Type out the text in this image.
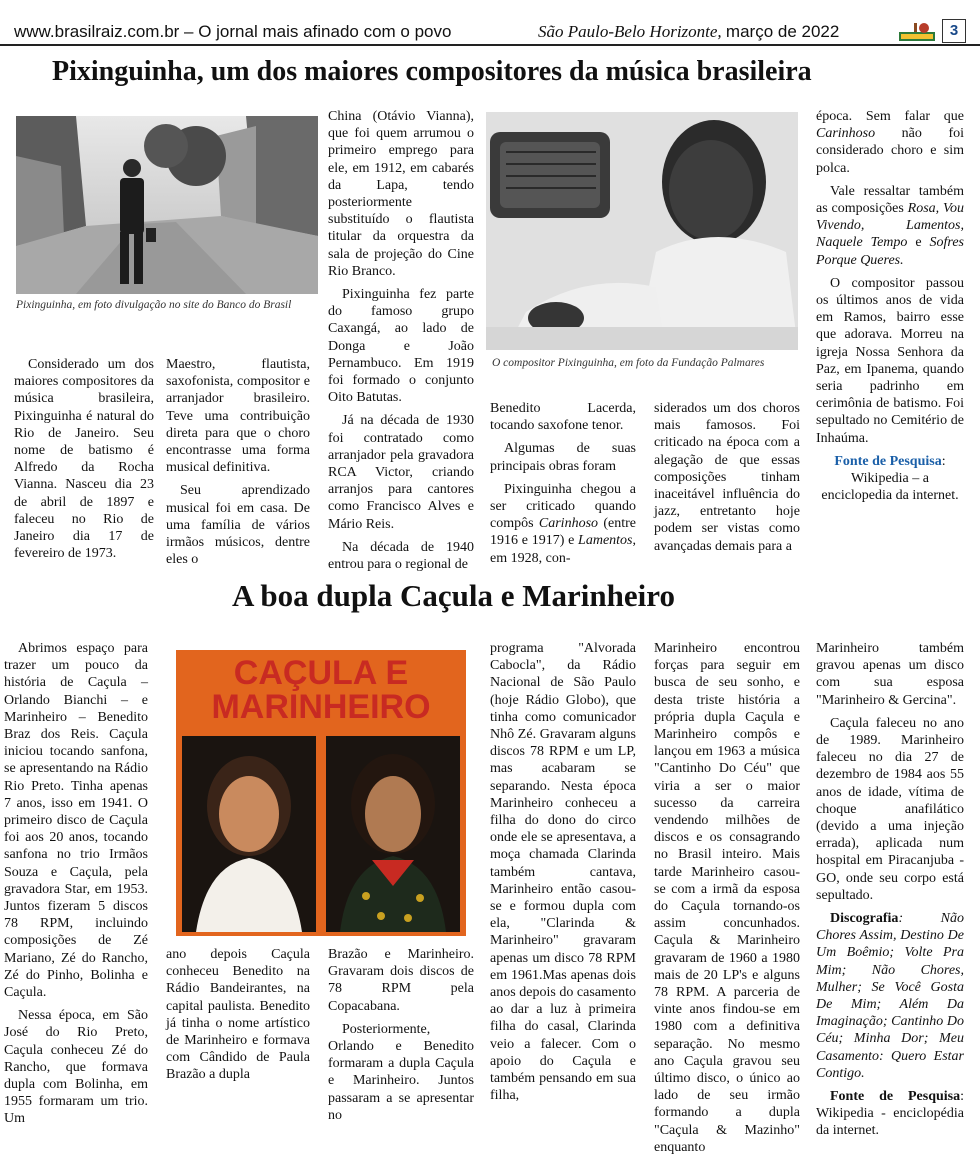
www.brasilraiz.com.br – O jornal mais afinado com o povo	São Paulo-Belo Horizonte, março de 2022	3
Pixinguinha, um dos maiores compositores da música brasileira
Pixinguinha, em foto divulgação no site do Banco do Brasil
O compositor Pixinguinha, em foto da Fundação Palmares

Considerado um dos maiores compositores da música brasileira, Pixinguinha é natural do Rio de Janeiro. Seu nome de batismo é Alfredo da Rocha Vianna. Nasceu dia 23 de abril de 1897 e faleceu no Rio de Janeiro dia 17 de fevereiro de 1973.

Maestro, flautista, saxofonista, compositor e arranjador brasileiro. Teve uma contribuição direta para que o choro encontrasse uma forma musical definitiva.

Seu aprendizado musical foi em casa. De uma família de vários irmãos músicos, dentre eles o

China (Otávio Vianna), que foi quem arrumou o primeiro emprego para ele, em 1912, em cabarés da Lapa, tendo posteriormente substituído o flautista titular da orquestra da sala de projeção do Cine Rio Branco.

Pixinguinha fez parte do famoso grupo Caxangá, ao lado de Donga e João Pernambuco. Em 1919 foi formado o conjunto Oito Batutas.

Já na década de 1930 foi contratado como arranjador pela gravadora RCA Victor, criando arranjos para cantores como Francisco Alves e Mário Reis.

Na década de 1940 entrou para o regional de

Benedito Lacerda, tocando saxofone tenor.

Algumas de suas principais obras foram

Pixinguinha chegou a ser criticado quando compôs Carinhoso (entre 1916 e 1917) e Lamentos, em 1928, con-

siderados um dos choros mais famosos. Foi criticado na época com a alegação de que essas composições tinham inaceitável influência do jazz, entretanto hoje podem ser vistas como avançadas demais para a

época. Sem falar que Carinhoso não foi considerado choro e sim polca.

Vale ressaltar também as composições Rosa, Vou Vivendo, Lamentos, Naquele Tempo e Sofres Porque Queres.

O compositor passou os últimos anos de vida em Ramos, bairro esse que adorava. Morreu na igreja Nossa Senhora da Paz, em Ipanema, quando seria padrinho em cerimônia de batismo. Foi sepultado no Cemitério de Inhaúma.

Fonte de Pesquisa: Wikipedia – a enciclopedia da internet.

A boa dupla Caçula e Marinheiro
CAÇULA E
MARINHEIRO

Abrimos espaço para trazer um pouco da história de Caçula – Orlando Bianchi – e Marinheiro – Benedito Braz dos Reis. Caçula iniciou tocando sanfona, se apresentando na Rádio Rio Preto. Tinha apenas 7 anos, isso em 1941. O primeiro disco de Caçula foi aos 20 anos, tocando sanfona no trio Irmãos Souza e Caçula, pela gravadora Star, em 1953. Juntos fizeram 5 discos 78 RPM, incluindo composições de Zé Mariano, Zé do Rancho, Zé do Pinho, Bolinha e Caçula.

Nessa época, em São José do Rio Preto, Caçula conheceu Zé do Rancho, que formava dupla com Bolinha, em 1955 formaram um trio. Um

ano depois Caçula conheceu Benedito na Rádio Bandeirantes, na capital paulista. Benedito já tinha o nome artístico de Marinheiro e formava com Cândido de Paula Brazão a dupla

Brazão e Marinheiro. Gravaram dois discos de 78 RPM pela Copacabana.

Posteriormente, Orlando e Benedito formaram a dupla Caçula e Marinheiro. Juntos passaram a se apresentar no

programa "Alvorada Cabocla", da Rádio Nacional de São Paulo (hoje Rádio Globo), que tinha como comunicador Nhô Zé. Gravaram alguns discos 78 RPM e um LP, mas acabaram se separando. Nesta época Marinheiro conheceu a filha do dono do circo onde ele se apresentava, a moça chamada Clarinda também cantava, Marinheiro então casou-se e formou dupla com ela, "Clarinda & Marinheiro" gravaram apenas um disco 78 RPM em 1961.Mas apenas dois anos depois do casamento ao dar a luz à primeira filha do casal, Clarinda veio a falecer. Com o apoio do Caçula e também pensando em sua filha,

Marinheiro encontrou forças para seguir em busca de seu sonho, e desta triste história a própria dupla Caçula e Marinheiro compôs e lançou em 1963 a música "Cantinho Do Céu" que viria a ser o maior sucesso da carreira vendendo milhões de discos e os consagrando no Brasil inteiro. Mais tarde Marinheiro casou-se com a irmã da esposa do Caçula tornando-os assim concunhados. Caçula & Marinheiro gravaram de 1960 a 1980 mais de 20 LP's e alguns 78 RPM. A parceria de vinte anos findou-se em 1980 com a definitiva separação. No mesmo ano Caçula gravou seu último disco, o único ao lado de seu irmão formando a dupla "Caçula & Mazinho" enquanto

Marinheiro também gravou apenas um disco com sua esposa "Marinheiro & Gercina".

Caçula faleceu no ano de 1989. Marinheiro faleceu no dia 27 de dezembro de 1984 aos 55 anos de idade, vítima de choque anafilático (devido a uma injeção errada), aplicada num hospital em Piracanjuba - GO, onde seu corpo está sepultado.

Discografia: Não Chores Assim, Destino De Um Boêmio; Volte Pra Mim; Não Chores, Mulher; Se Você Gosta De Mim; Além Da Imaginação; Cantinho Do Céu; Minha Dor; Meu Casamento: Quero Estar Contigo.

Fonte de Pesquisa: Wikipedia - enciclopédia da internet.
